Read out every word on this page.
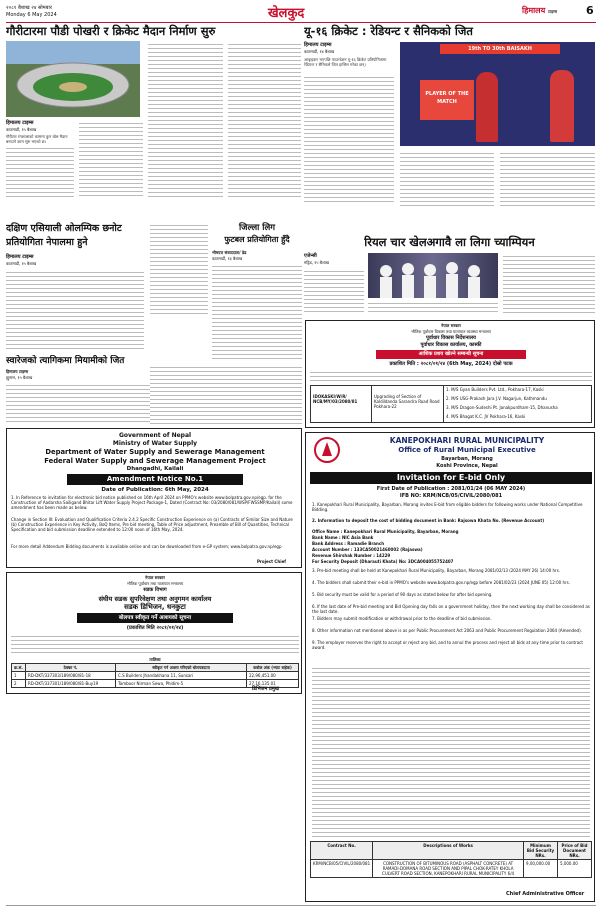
२०८१ बैशाख २४ सोमबार
Monday 6 May 2024	खेलकुद	हिमालय टाइम्स	6
गौरीटारमा पौडी पोखरी र क्रिकेट मैदान निर्माण सुरु
हिमालय टाइम्स
काठमाडौं, १५ बैशाख
गौरीटार रंगशालाको काममा कुन खेल मैदान बनाउने काम सुरु भएको छ।
यू-१६ क्रिकेट : रेडियन्ट र सैनिकको जित
हिमालय टाइम्स
काठमाडौं, १४ बैशाख
आकृइवार भएपछि फाउन्डेशन यू-१६ क्रिकेट प्रतियोगितामा रेडियन्ट र सैनिकले जित हासिल गरेका छन्।
19th TO 30th BAISAKH
PLAYER OF THE MATCH
रियल चार खेलअगावै ला लिगा च्याम्पियन
एजेन्सी
मड्रिड, १५ बैशाख
दक्षिण एसियाली ओलम्पिक छनोट
प्रतियोगिता नेपालमा हुने
हिमालय टाइम्स
काठमाडौं, १५ बैशाख
जिल्ला लिग
फुटबल प्रतियोगिता हुँदै
भीमदत्त संवाददाता/ डेढ
काठमाडौं, १३ बैशाख
स्वारेजको त्यागिकमा मियामीको जित
हिमालय टाइम्स
ह्युस्टन, १५ बैशाख
Government of Nepal
Ministry of Water Supply
Department of Water Supply and Sewerage Management
Federal Water Supply and Sewerage Management Project
Dhangadhi, Kailali
Amendment Notice No.1
Date of Publication: 6th May, 2024
1. In Reference to invitation for electronic bid notice published on 16th April 2024 on PPMO's website www.bolpatra.gov.np/egp. for the Construction of Aadarsha Sailigand Bhitar Lift Water Supply Project Package-1, Dated (Contract No: 03/2080/081/WSP/FWSSMP/Kailali) some amendment has been made as below.
Change in Section III: Evaluation and Qualification Criteria 2.4.2 Specific Construction Experience on (a) Contracts of Similar Size and Nature (b) Construction Experience in Key Activity, BoQ Items, Pre bid meeting, Table of Price adjustment, Preamble of Bill of Quantities, Technical Specification and bid submission deadline extended to 12:00 noon of 16th May, 2024.
For more detail Addendum Bidding documents is available online and can be downloaded from e-GP system; www.bolpatra.gov.np/egp
Project Chief
नेपाल सरकार
भौतिक पूर्वाधार तथा यातायात मन्त्रालय
सडक विभाग
संघीय सडक सुपरिवेक्षण तथा अनुगमन कार्यालय
सडक डिभिजन, धनकुटा
बोलपत्र स्वीकृत गर्ने आशयको सूचना
(प्रकाशित मिति २०८१/०१/२४)
तालिका
क्र.सं.	ठेक्का नं.	स्वीकृत गर्न आशय गरिएको बोलपत्रदाता	कबोल अंक (भ्याट बाहेक)
1	RD-DKT/337303/189/080/81-18	C.S Builders Jhandakhana 11, Sunsari	22,96,451.00
2	RD-DKT/337301/189/080/81-Buy19	Tamboor Nirman Sewa, Phidim-5	27,16,135.01
डिभिजन प्रमुख
नेपाल सरकार
भौतिक पूर्वाधार विकास तथा यातायात व्यवस्था मन्त्रालय
पूर्वाधार विकास निर्देशनालय
पूर्वाधार विकास कार्यालय, कास्की
आशिक प्रशय खोल्ने सम्बन्धी सूचना
प्रकाशित मिति : २०८१/०१/२४ (6th May, 2024) दोस्रो पटक
IDOKASKI/W/R/ NCB/MY/03/2080/81
Upgrading of Section of Kaldildanda Sarandra Road Road Pokhara-22
1. M/S Gyan Builders Pvt. Ltd., Pokhara-17, Kaski
2. M/S USG-Prakash Jara J.V. Nagarjun, Kathmandu
3. M/S Dragon-Sudeshi Pt. Janakpurdham-15, Dhanusha
4. M/S Bhagat K.C. JV Pokhara-16, Kaski
KANEPOKHARI RURAL MUNICIPALITY
Office of Rural Municipal Executive
Bayarban, Morang
Koshi Province, Nepal
Invitation for E-bid Only
First Date of Publication : 2081/01/24 (06 MAY 2024)
IFB NO: KRM/NCB/05/CIVIL/2080/081
1. Kanepokhari Rural Municipality, Bayarban, Morang invites E-bid from eligible bidders for following works under National Competitive Bidding.
2. Information to deposit the cost of bidding document in Bank: Rajsowa Khata No. (Revenue Account)
Office Name : Kanepokhari Rural Municipality, Bayarban, Morang
Bank Name : NIC Asia Bank
Bank Address : Ramadie Branch
Account Number : 133CA50021460002 (Rajaswa)
Revenue Shirshak Number : 14229
For Security Deposit (Dharauti Khata) No: 3DCA004055752407
3. Pre-bid meeting shall be held at Kanepokhari Rural Municipality, Bayarban, Morang 2081/02/13 (2024 MAY 26) 14:00 hrs.
4. The bidders shall submit their e-bid in PPMO's website www.bolpatra.gov.np/egp before 2081/02/23 (2024 JUNE 05) 12:00 hrs.
5. Bid security must be valid for a period of 90 days as stated below for after bid opening.
6. If the last date of Pre-bid meeting and Bid Opening day falls on a government holiday, then the next working day shall be considered as the last date.
7. Bidders may submit modification or withdrawal prior to the deadline of bid submission.
8. Other information not mentioned above is as per Public Procurement Act 2063 and Public Procurement Regulation 2064 (Amended).
9. The employer reserves the right to accept or reject any bid, and to annul the process and reject all bids at any time prior to contract award.
Contract No.	Descriptions of Works	Minimum Bid Security NRs.	Price of Bid Document NRs.
KRM/NCB/05/CIVIL/2080/081	CONSTRUCTION OF BITUMINOUS ROAD (ASPHALT CONCRETE) AT RAMADI-DOMANA ROAD SECTION AND PIPAL CHOK-RATEY KHOLA CULVERT ROAD SECTION, KANEPOKHARI RURAL MUNICIPALITY 6/4	9,00,000.00	5,000.00
Chief Administrative Officer
